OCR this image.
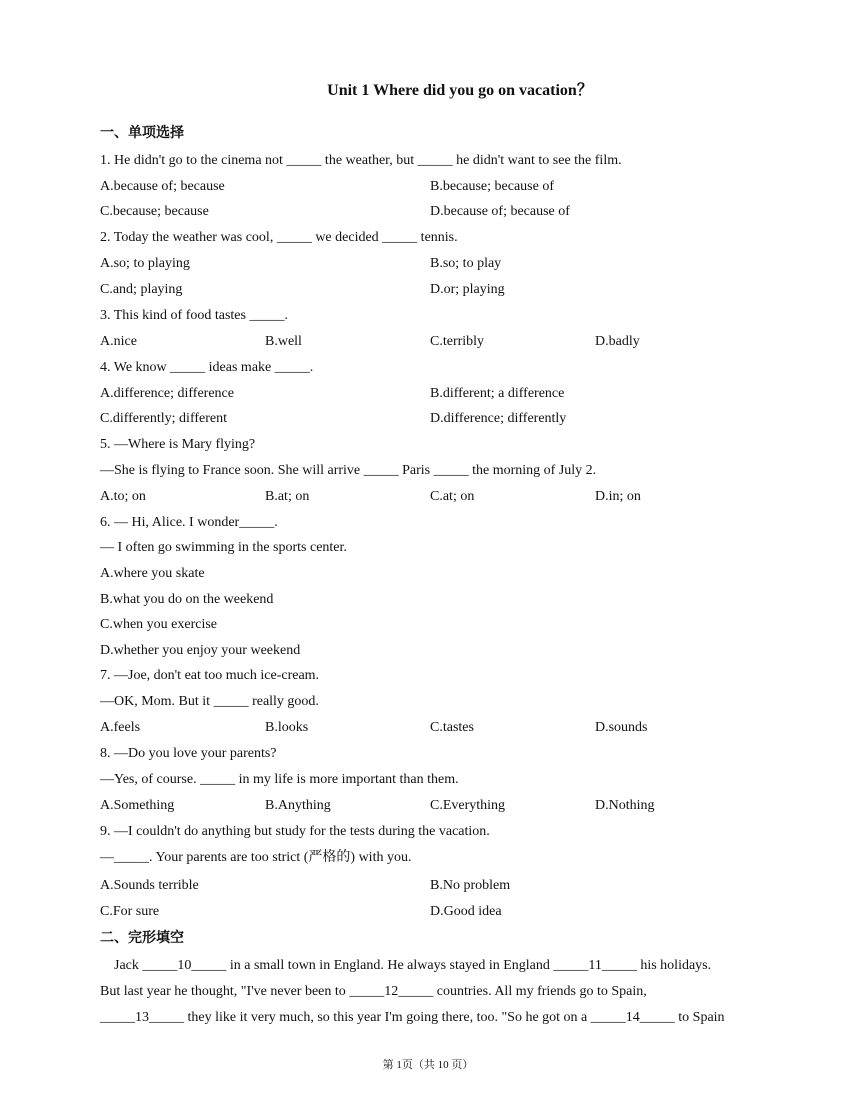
Unit 1 Where did you go on vacation？
一、单项选择
1. He didn't go to the cinema not _____ the weather, but _____ he didn't want to see the film.
A.because of; because	B.because; because of
C.because; because	D.because of; because of
2. Today the weather was cool, _____ we decided _____ tennis.
A.so; to playing	B.so; to play
C.and; playing	D.or; playing
3. This kind of food tastes _____.
A.nice	B.well	C.terribly	D.badly
4. We know _____ ideas make _____.
A.difference; difference	B.different; a difference
C.differently; different	D.difference; differently
5. —Where is Mary flying?
—She is flying to France soon. She will arrive _____ Paris _____ the morning of July 2.
A.to; on	B.at; on	C.at; on	D.in; on
6. — Hi, Alice. I wonder_____.
— I often go swimming in the sports center.
A.where you skate
B.what you do on the weekend
C.when you exercise
D.whether you enjoy your weekend
7. —Joe, don't eat too much ice-cream.
—OK, Mom. But it _____ really good.
A.feels	B.looks	C.tastes	D.sounds
8. —Do you love your parents?
—Yes, of course. _____ in my life is more important than them.
A.Something	B.Anything	C.Everything	D.Nothing
9. —I couldn't do anything but study for the tests during the vacation.
—_____. Your parents are too strict (严格的) with you.
A.Sounds terrible	B.No problem
C.For sure	D.Good idea
二、完形填空
Jack _____10_____ in a small town in England. He always stayed in England _____11_____ his holidays.
But last year he thought, "I've never been to _____12_____ countries. All my friends go to Spain,
_____13_____ they like it very much, so this year I'm going there, too. "So he got on a _____14_____ to Spain
第 1页（共 10 页）
